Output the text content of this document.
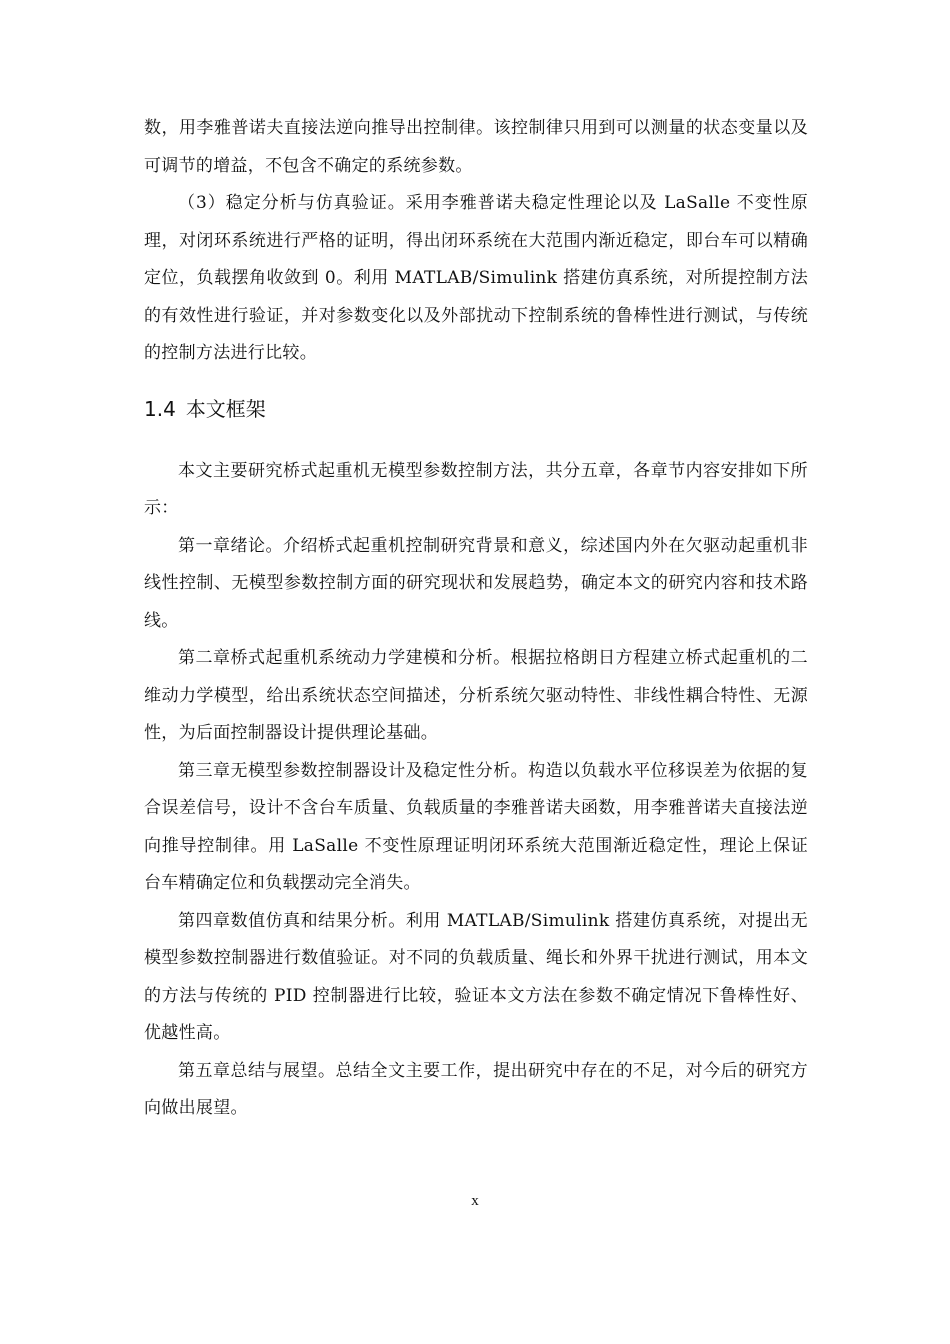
数，用李雅普诺夫直接法逆向推导出控制律。该控制律只用到可以测量的状态变量以及可调节的增益，不包含不确定的系统参数。

（3）稳定分析与仿真验证。采用李雅普诺夫稳定性理论以及 LaSalle 不变性原理，对闭环系统进行严格的证明，得出闭环系统在大范围内渐近稳定，即台车可以精确定位，负载摆角收敛到 0。利用 MATLAB/Simulink 搭建仿真系统，对所提控制方法的有效性进行验证，并对参数变化以及外部扰动下控制系统的鲁棒性进行测试，与传统的控制方法进行比较。

1.4 本文框架

本文主要研究桥式起重机无模型参数控制方法，共分五章，各章节内容安排如下所示：

第一章绪论。介绍桥式起重机控制研究背景和意义，综述国内外在欠驱动起重机非线性控制、无模型参数控制方面的研究现状和发展趋势，确定本文的研究内容和技术路线。

第二章桥式起重机系统动力学建模和分析。根据拉格朗日方程建立桥式起重机的二维动力学模型，给出系统状态空间描述，分析系统欠驱动特性、非线性耦合特性、无源性，为后面控制器设计提供理论基础。

第三章无模型参数控制器设计及稳定性分析。构造以负载水平位移误差为依据的复合误差信号，设计不含台车质量、负载质量的李雅普诺夫函数，用李雅普诺夫直接法逆向推导控制律。用 LaSalle 不变性原理证明闭环系统大范围渐近稳定性，理论上保证台车精确定位和负载摆动完全消失。

第四章数值仿真和结果分析。利用 MATLAB/Simulink 搭建仿真系统，对提出无模型参数控制器进行数值验证。对不同的负载质量、绳长和外界干扰进行测试，用本文的方法与传统的 PID 控制器进行比较，验证本文方法在参数不确定情况下鲁棒性好、优越性高。

第五章总结与展望。总结全文主要工作，提出研究中存在的不足，对今后的研究方向做出展望。

x
